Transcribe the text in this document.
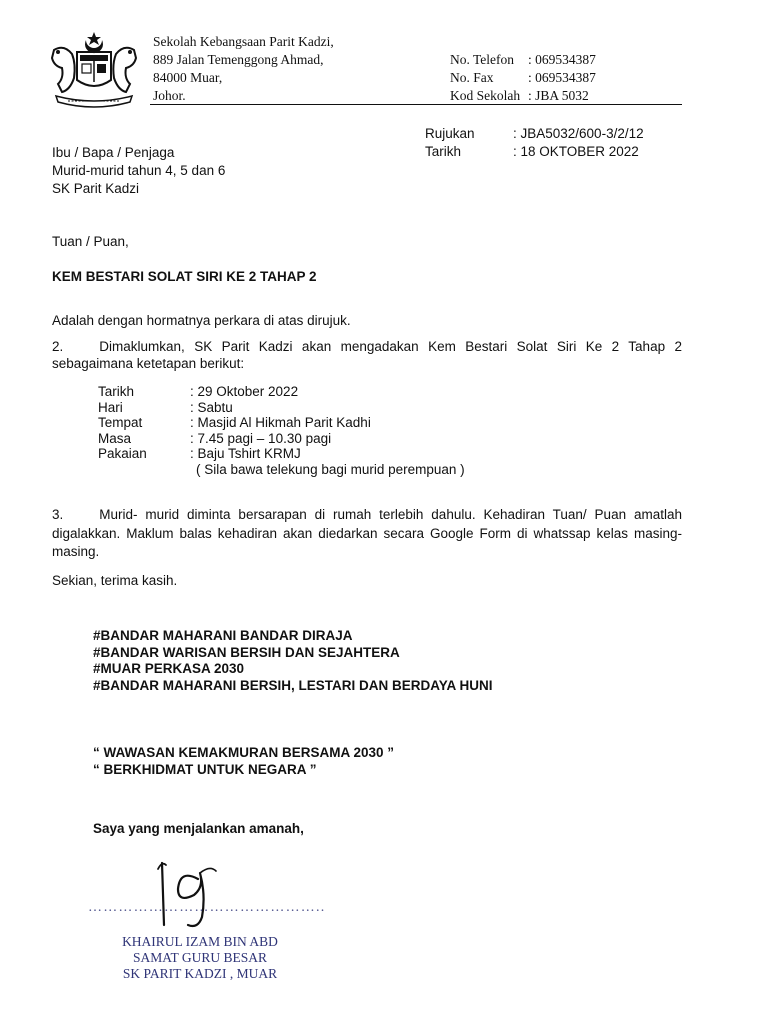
Sekolah Kebangsaan Parit Kadzi,
889 Jalan Temenggong Ahmad,
84000 Muar,
Johor.
No. Telefon	: 069534387
No. Fax	: 069534387
Kod Sekolah : JBA 5032
Rujukan	: JBA5032/600-3/2/12
Tarikh	: 18 OKTOBER 2022
Ibu / Bapa / Penjaga
Murid-murid tahun 4, 5 dan 6
SK Parit Kadzi
Tuan / Puan,
KEM BESTARI SOLAT SIRI KE 2 TAHAP 2
Adalah dengan hormatnya perkara di atas dirujuk.
2.	Dimaklumkan, SK Parit Kadzi akan mengadakan Kem Bestari Solat Siri Ke 2 Tahap 2 sebagaimana ketetapan berikut:
Tarikh	: 29 Oktober 2022
Hari	: Sabtu
Tempat	: Masjid Al Hikmah Parit Kadhi
Masa	: 7.45 pagi – 10.30 pagi
Pakaian	: Baju Tshirt KRMJ
( Sila bawa telekung bagi murid perempuan )
3.	Murid- murid diminta bersarapan di rumah terlebih dahulu. Kehadiran Tuan/ Puan amatlah digalakkan. Maklum balas kehadiran akan diedarkan secara Google Form di whatssap kelas masing-masing.
Sekian, terima kasih.
#BANDAR MAHARANI BANDAR DIRAJA
#BANDAR WARISAN BERSIH DAN SEJAHTERA
#MUAR PERKASA 2030
#BANDAR MAHARANI BERSIH, LESTARI DAN BERDAYA HUNI
“ WAWASAN KEMAKMURAN BERSAMA 2030 ”
“ BERKHIDMAT UNTUK NEGARA ”
Saya yang menjalankan amanah,
………………………………………..
KHAIRUL IZAM BIN ABD
SAMAT GURU BESAR
SK PARIT KADZI , MUAR
